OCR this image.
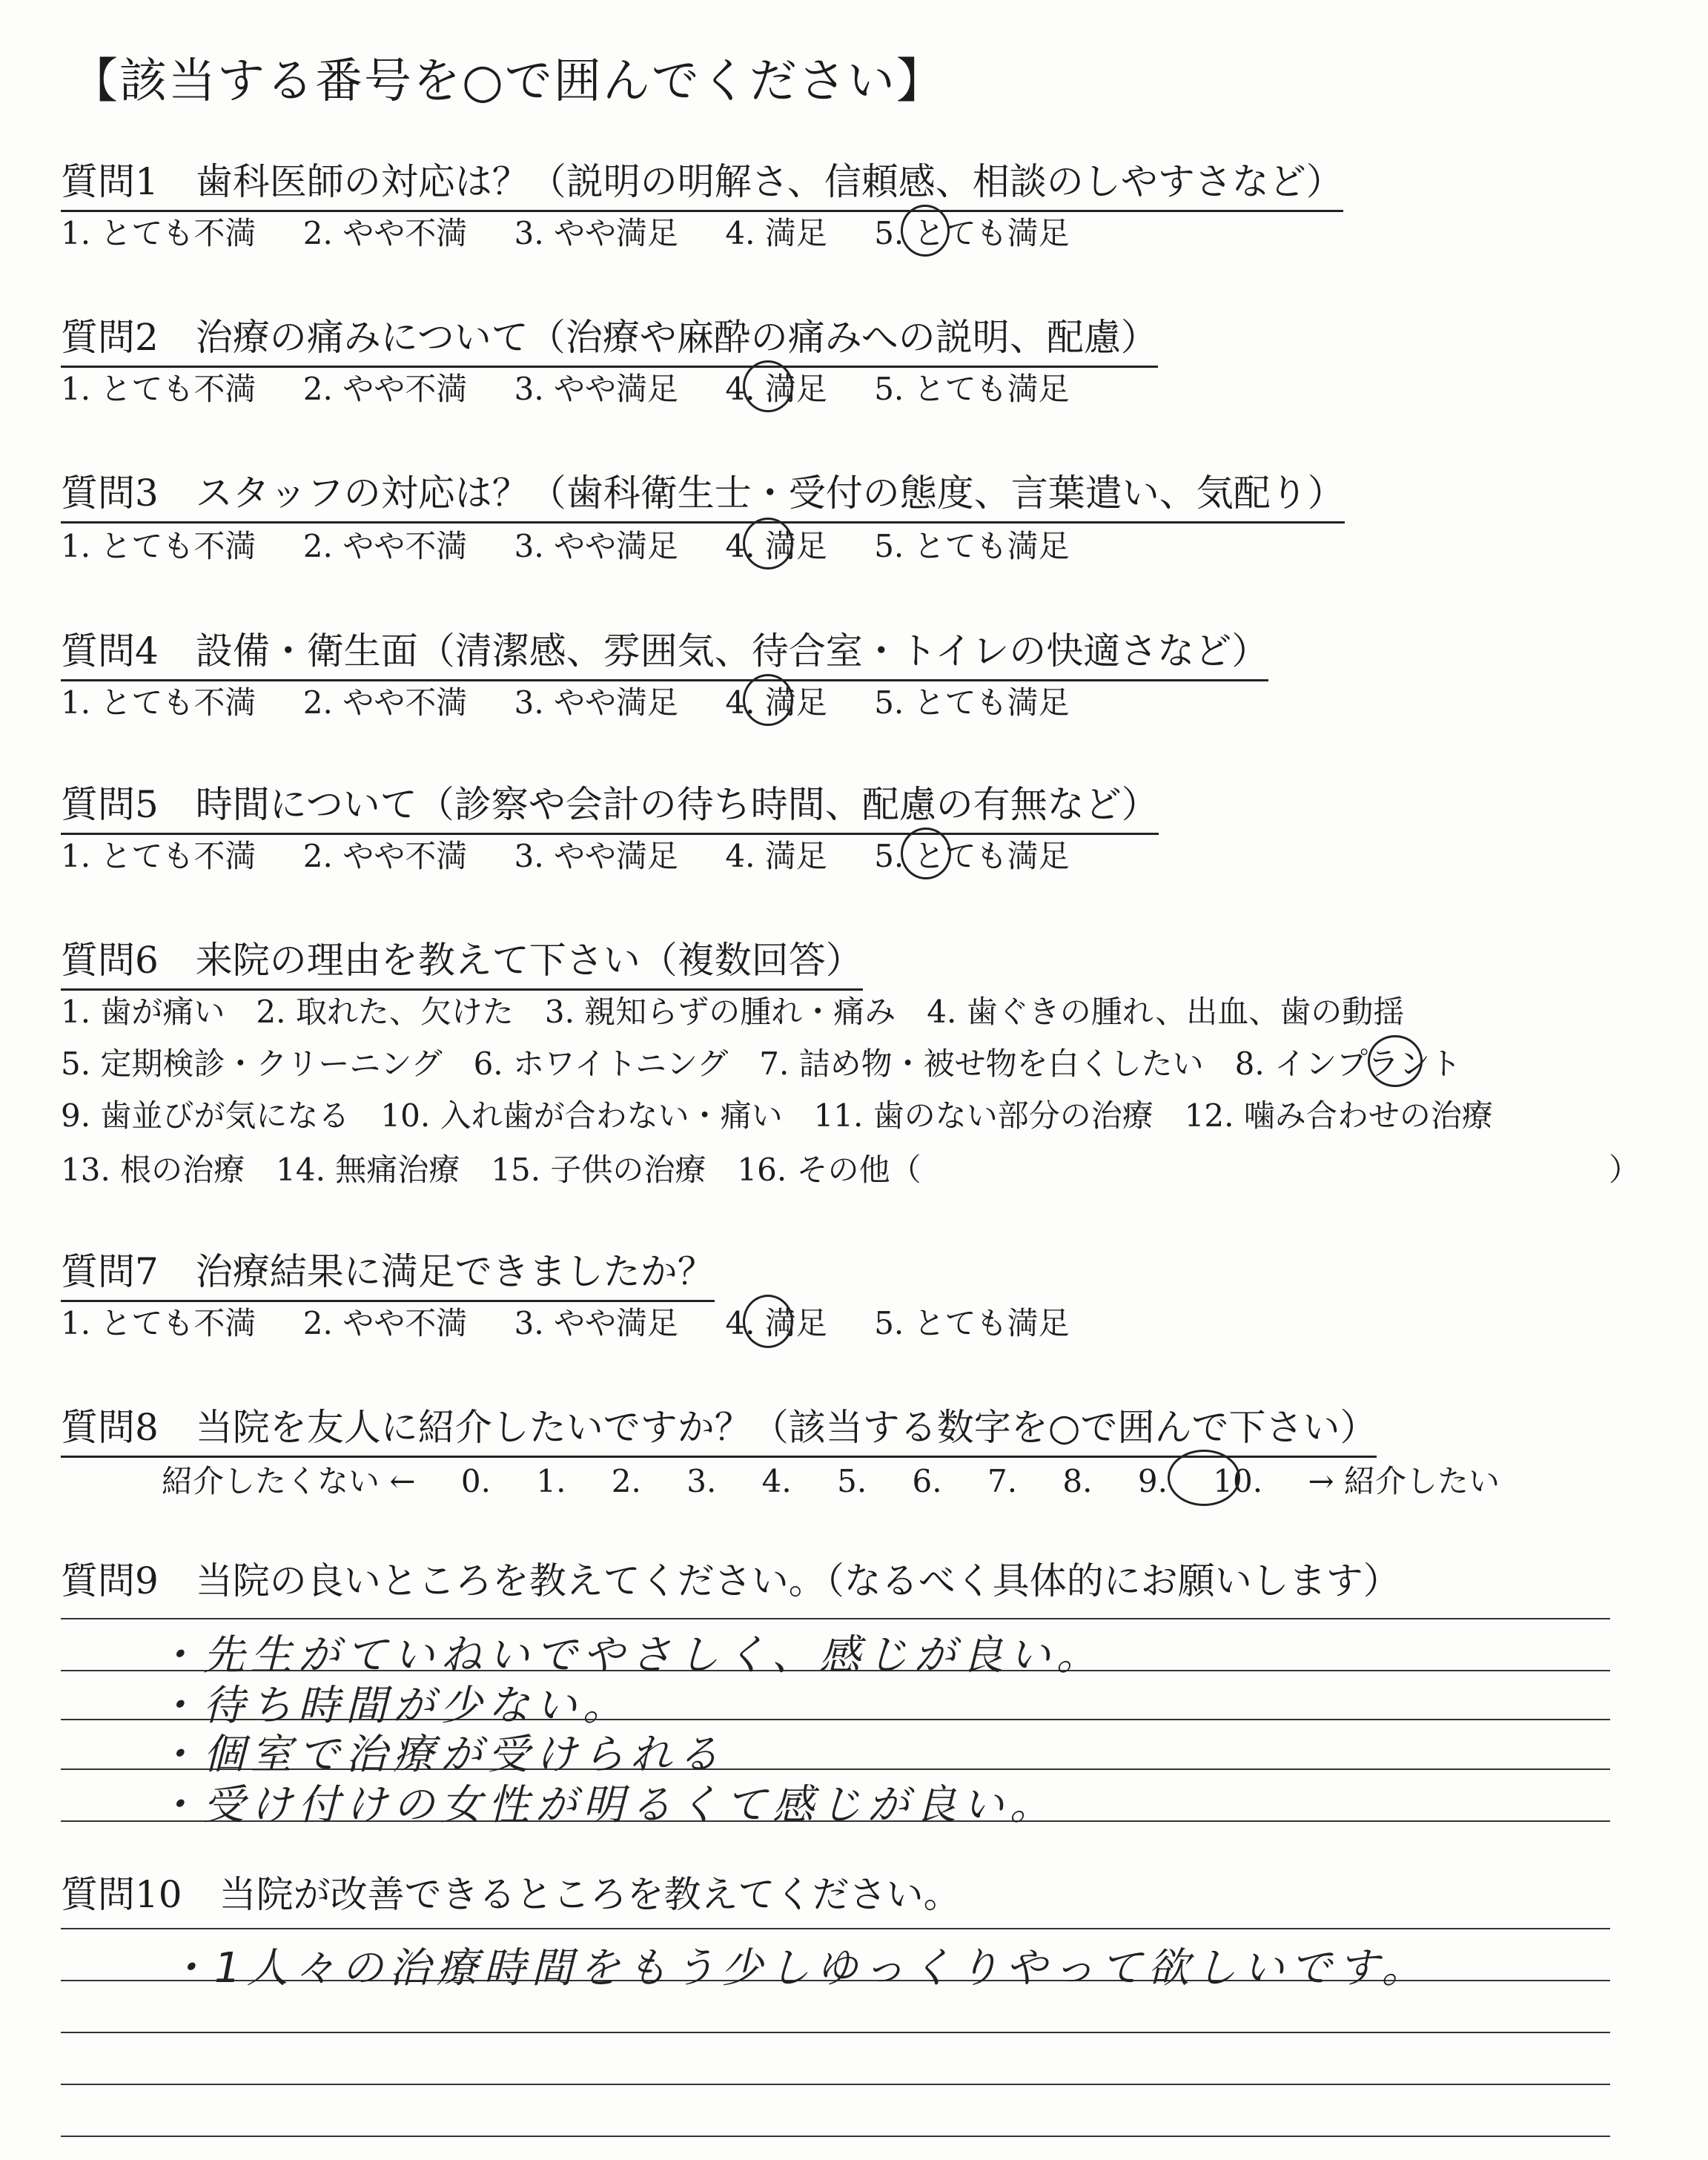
【該当する番号を○で囲んでください】
質問1　歯科医師の対応は？（説明の明解さ、信頼感、相談のしやすさなど）
1. とても不満 2. やや不満 3. やや満足 4. 満足 5. とても満足
質問2　治療の痛みについて（治療や麻酔の痛みへの説明、配慮）
1. とても不満 2. やや不満 3. やや満足 4. 満足 5. とても満足
質問3　スタッフの対応は？（歯科衛生士・受付の態度、言葉遣い、気配り）
1. とても不満 2. やや不満 3. やや満足 4. 満足 5. とても満足
質問4　設備・衛生面（清潔感、雰囲気、待合室・トイレの快適さなど）
1. とても不満 2. やや不満 3. やや満足 4. 満足 5. とても満足
質問5　時間について（診察や会計の待ち時間、配慮の有無など）
1. とても不満 2. やや不満 3. やや満足 4. 満足 5. とても満足
質問6　来院の理由を教えて下さい（複数回答）
1. 歯が痛い　2. 取れた、欠けた　3. 親知らずの腫れ・痛み　4. 歯ぐきの腫れ、出血、歯の動揺
5. 定期検診・クリーニング　6. ホワイトニング　7. 詰め物・被せ物を白くしたい　8. インプラント
9. 歯並びが気になる　10. 入れ歯が合わない・痛い　11. 歯のない部分の治療　12. 噛み合わせの治療
13. 根の治療　14. 無痛治療　15. 子供の治療　16. その他（	）
質問7　治療結果に満足できましたか？
1. とても不満 2. やや不満 3. やや満足 4. 満足 5. とても満足
質問8　当院を友人に紹介したいですか？（該当する数字を○で囲んで下さい）
紹介したくない ← 0. 1. 2. 3. 4. 5. 6. 7. 8. 9. 10. → 紹介したい
質問9　当院の良いところを教えてください。（なるべく具体的にお願いします）
・先生がていねいでやさしく、感じが良い。
・待ち時間が少ない。
・個室で治療が受けられる
・受け付けの女性が明るくて感じが良い。
質問10　当院が改善できるところを教えてください。
・1人々の治療時間をもう少しゆっくりやって欲しいです。
